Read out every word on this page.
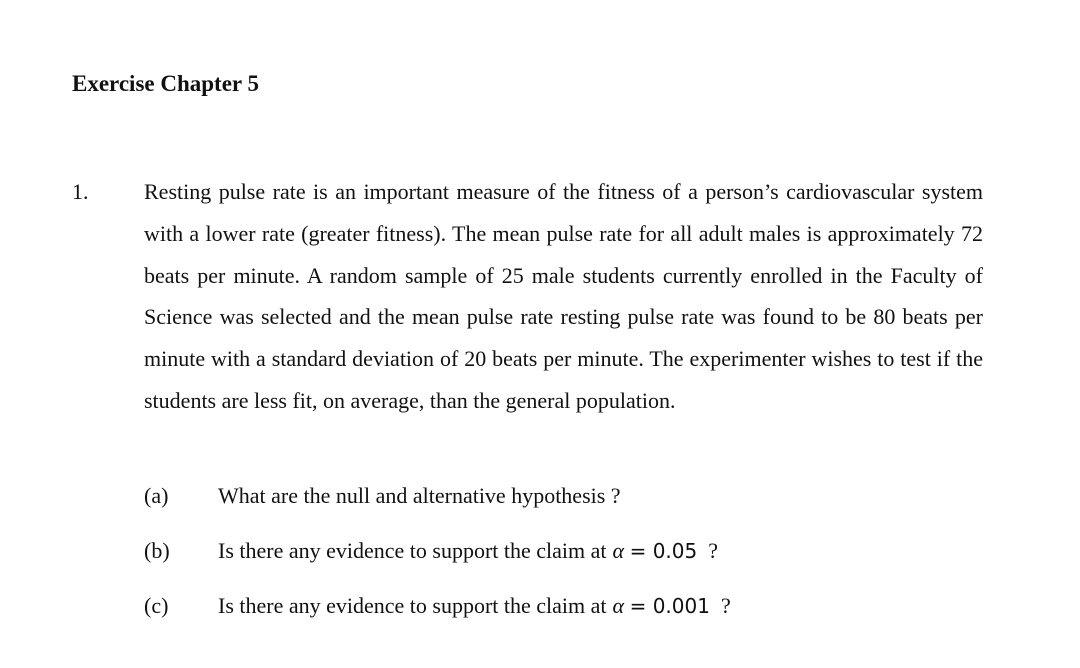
Exercise Chapter 5
1.	Resting pulse rate is an important measure of the fitness of a person’s cardiovascular system with a lower rate (greater fitness). The mean pulse rate for all adult males is approximately 72 beats per minute. A random sample of 25 male students currently enrolled in the Faculty of Science was selected and the mean pulse rate resting pulse rate was found to be 80 beats per minute with a standard deviation of 20 beats per minute. The experimenter wishes to test if the students are less fit, on average, than the general population.
(a) What are the null and alternative hypothesis ?
(b) Is there any evidence to support the claim at α = 0.05 ?
(c) Is there any evidence to support the claim at α = 0.001 ?
